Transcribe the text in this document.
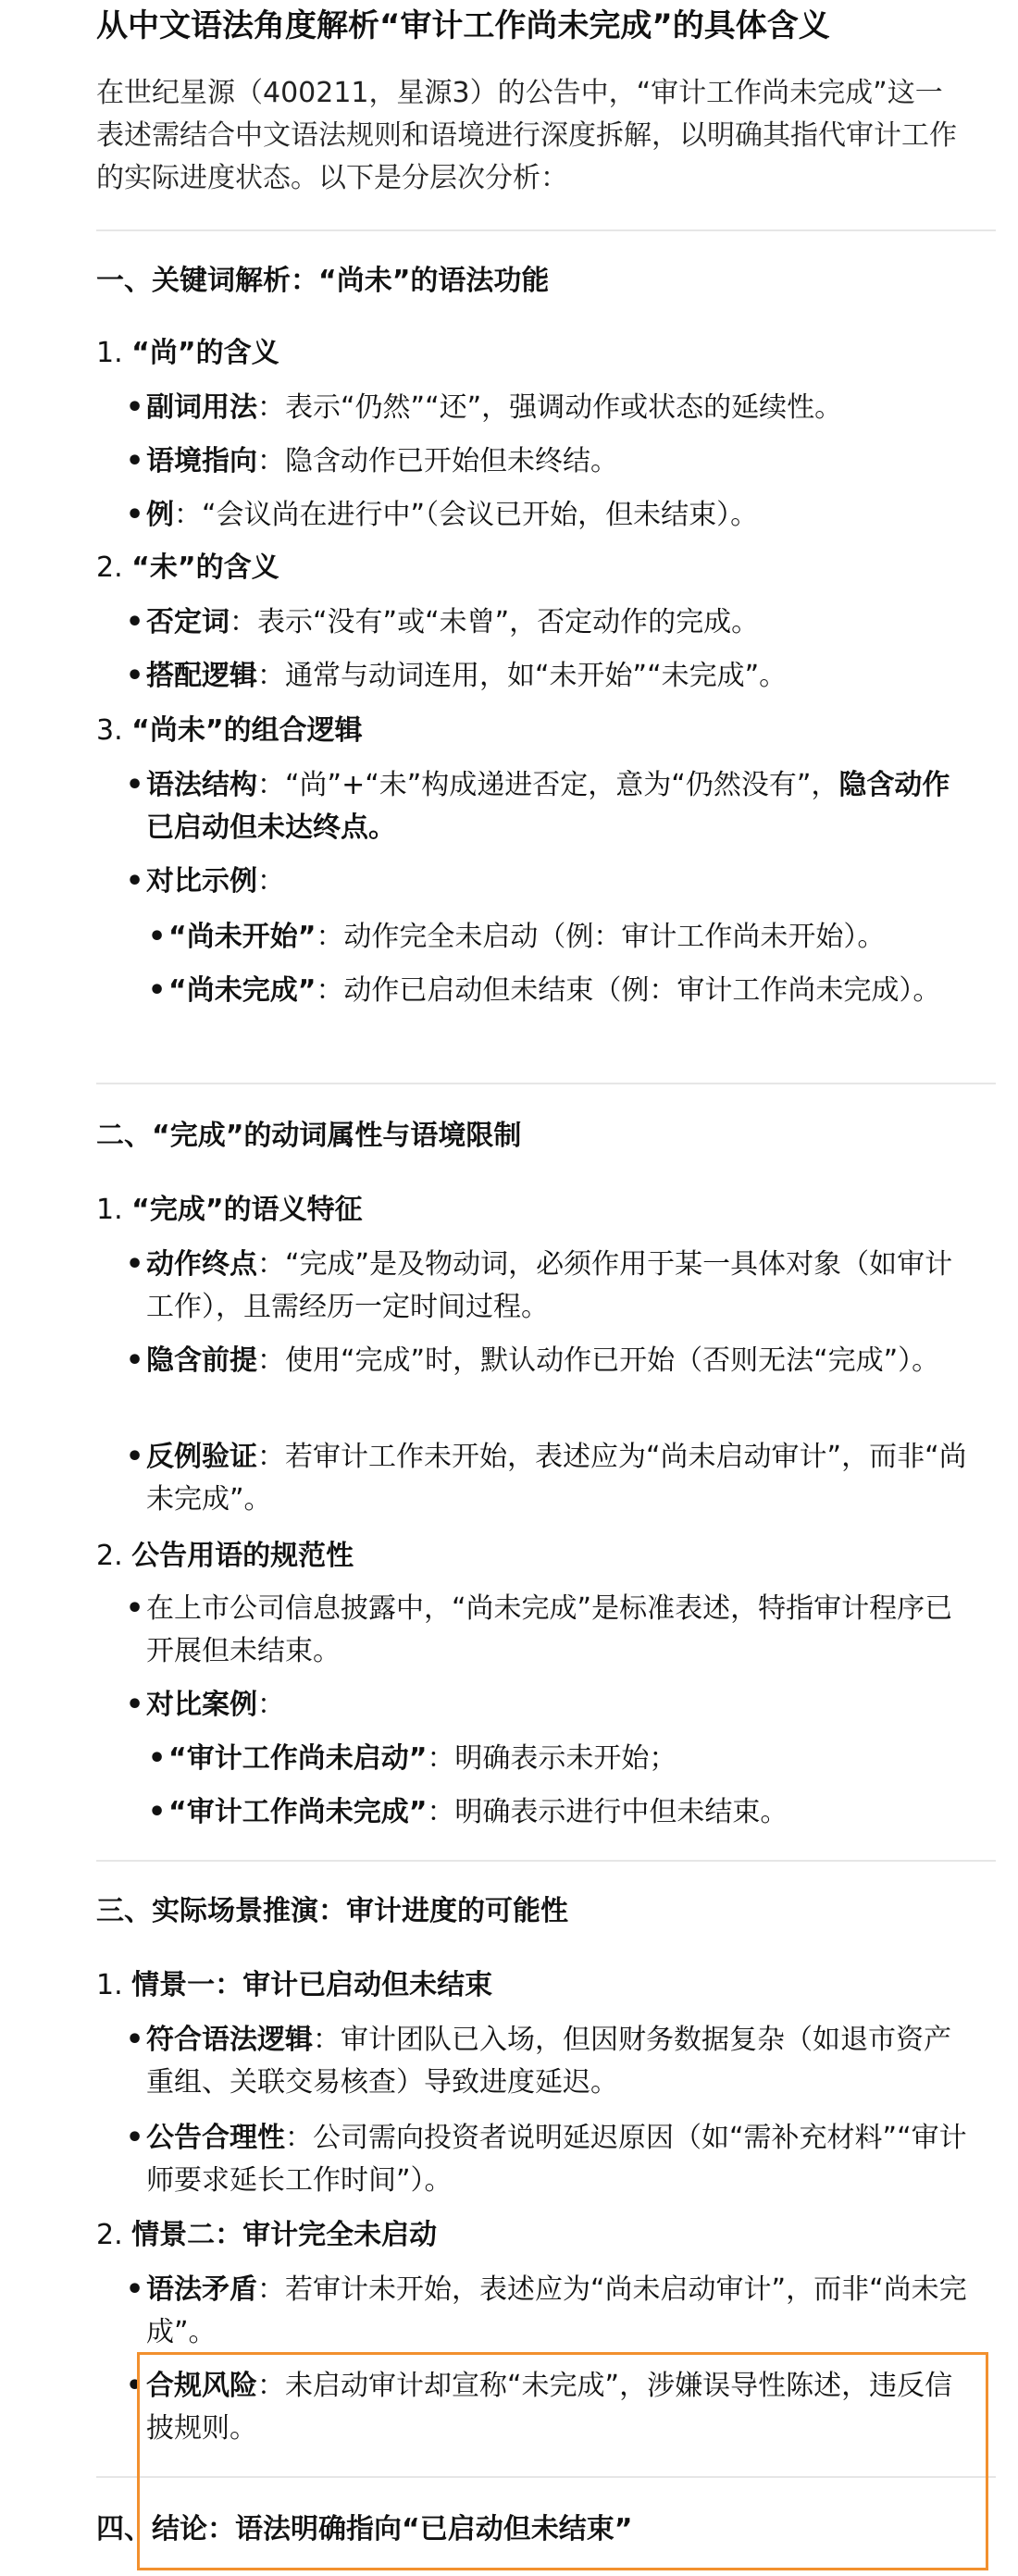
从中文语法角度解析“审计工作尚未完成”的具体含义
在世纪星源（400211，星源3）的公告中，“审计工作尚未完成”这一表述需结合中文语法规则和语境进行深度拆解，以明确其指代审计工作的实际进度状态。以下是分层次分析：
一、关键词解析：“尚未”的语法功能
1. “尚”的含义
• 副词用法：表示“仍然”“还”，强调动作或状态的延续性。
• 语境指向：隐含动作已开始但未终结。
• 例：“会议尚在进行中”（会议已开始，但未结束）。
2. “未”的含义
• 否定词：表示“没有”或“未曾”，否定动作的完成。
• 搭配逻辑：通常与动词连用，如“未开始”“未完成”。
3. “尚未”的组合逻辑
• 语法结构：“尚”+“未”构成递进否定，意为“仍然没有”，隐含动作已启动但未达终点。
• 对比示例：
• “尚未开始”：动作完全未启动（例：审计工作尚未开始）。
• “尚未完成”：动作已启动但未结束（例：审计工作尚未完成）。
二、“完成”的动词属性与语境限制
1. “完成”的语义特征
• 动作终点：“完成”是及物动词，必须作用于某一具体对象（如审计工作），且需经历一定时间过程。
• 隐含前提：使用“完成”时，默认动作已开始（否则无法“完成”）。
• 反例验证：若审计工作未开始，表述应为“尚未启动审计”，而非“尚未完成”。
2. 公告用语的规范性
• 在上市公司信息披露中，“尚未完成”是标准表述，特指审计程序已开展但未结束。
• 对比案例：
• “审计工作尚未启动”：明确表示未开始；
• “审计工作尚未完成”：明确表示进行中但未结束。
三、实际场景推演：审计进度的可能性
1. 情景一：审计已启动但未结束
• 符合语法逻辑：审计团队已入场，但因财务数据复杂（如退市资产重组、关联交易核查）导致进度延迟。
• 公告合理性：公司需向投资者说明延迟原因（如“需补充材料”“审计师要求延长工作时间”）。
2. 情景二：审计完全未启动
• 语法矛盾：若审计未开始，表述应为“尚未启动审计”，而非“尚未完成”。
• 合规风险：未启动审计却宣称“未完成”，涉嫌误导性陈述，违反信披规则。
四、结论：语法明确指向“已启动但未结束”
